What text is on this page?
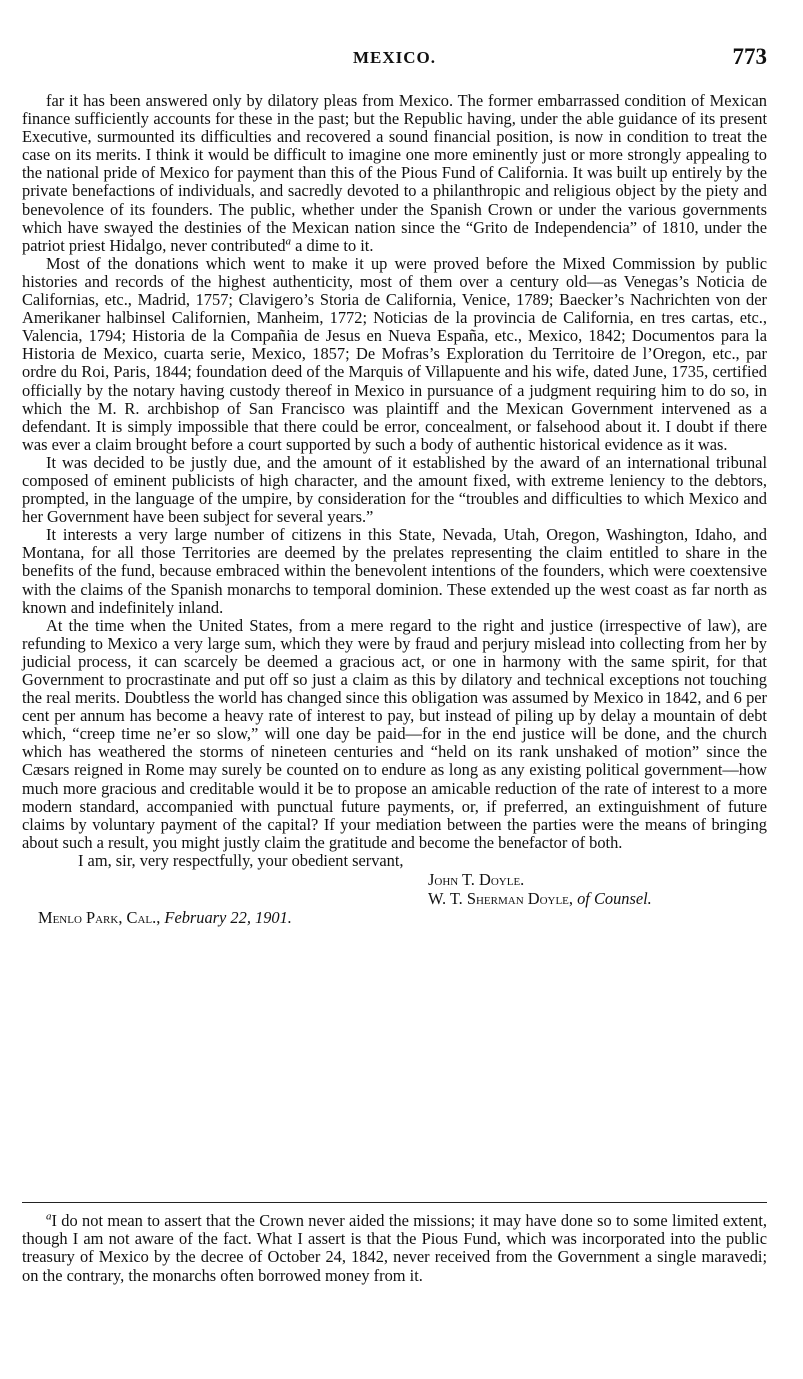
MEXICO.	773

far it has been answered only by dilatory pleas from Mexico. The former embarrassed condition of Mexican finance sufficiently accounts for these in the past; but the Republic having, under the able guidance of its present Executive, surmounted its difficulties and recovered a sound financial position, is now in condition to treat the case on its merits. I think it would be difficult to imagine one more eminently just or more strongly appealing to the national pride of Mexico for payment than this of the Pious Fund of California. It was built up entirely by the private benefactions of individuals, and sacredly devoted to a philanthropic and religious object by the piety and benevolence of its founders. The public, whether under the Spanish Crown or under the various governments which have swayed the destinies of the Mexican nation since the “Grito de Independencia” of 1810, under the patriot priest Hidalgo, never contributed$^a$ a dime to it.

Most of the donations which went to make it up were proved before the Mixed Commission by public histories and records of the highest authenticity, most of them over a century old—as Venegas’s Noticia de Californias, etc., Madrid, 1757; Clavigero’s Storia de California, Venice, 1789; Baecker’s Nachrichten von der Amerikaner halbinsel Californien, Manheim, 1772; Noticias de la provincia de California, en tres cartas, etc., Valencia, 1794; Historia de la Compañia de Jesus en Nueva España, etc., Mexico, 1842; Documentos para la Historia de Mexico, cuarta serie, Mexico, 1857; De Mofras’s Exploration du Territoire de l’Oregon, etc., par ordre du Roi, Paris, 1844; foundation deed of the Marquis of Villapuente and his wife, dated June, 1735, certified officially by the notary having custody thereof in Mexico in pursuance of a judgment requiring him to do so, in which the M. R. archbishop of San Francisco was plaintiff and the Mexican Government intervened as a defendant. It is simply impossible that there could be error, concealment, or falsehood about it. I doubt if there was ever a claim brought before a court supported by such a body of authentic historical evidence as it was.

It was decided to be justly due, and the amount of it established by the award of an international tribunal composed of eminent publicists of high character, and the amount fixed, with extreme leniency to the debtors, prompted, in the language of the umpire, by consideration for the “troubles and difficulties to which Mexico and her Government have been subject for several years.”

It interests a very large number of citizens in this State, Nevada, Utah, Oregon, Washington, Idaho, and Montana, for all those Territories are deemed by the prelates representing the claim entitled to share in the benefits of the fund, because embraced within the benevolent intentions of the founders, which were coextensive with the claims of the Spanish monarchs to temporal dominion. These extended up the west coast as far north as known and indefinitely inland.

At the time when the United States, from a mere regard to the right and justice (irrespective of law), are refunding to Mexico a very large sum, which they were by fraud and perjury mislead into collecting from her by judicial process, it can scarcely be deemed a gracious act, or one in harmony with the same spirit, for that Government to procrastinate and put off so just a claim as this by dilatory and technical exceptions not touching the real merits. Doubtless the world has changed since this obligation was assumed by Mexico in 1842, and 6 per cent per annum has become a heavy rate of interest to pay, but instead of piling up by delay a mountain of debt which, “creep time ne’er so slow,” will one day be paid—for in the end justice will be done, and the church which has weathered the storms of nineteen centuries and “held on its rank unshaked of motion” since the Cæsars reigned in Rome may surely be counted on to endure as long as any existing political government—how much more gracious and creditable would it be to propose an amicable reduction of the rate of interest to a more modern standard, accompanied with punctual future payments, or, if preferred, an extinguishment of future claims by voluntary payment of the capital? If your mediation between the parties were the means of bringing about such a result, you might justly claim the gratitude and become the benefactor of both.

I am, sir, very respectfully, your obedient servant,

John T. Doyle.
W. T. Sherman Doyle, of Counsel.
Menlo Park, Cal., February 22, 1901.

$^a$I do not mean to assert that the Crown never aided the missions; it may have done so to some limited extent, though I am not aware of the fact. What I assert is that the Pious Fund, which was incorporated into the public treasury of Mexico by the decree of October 24, 1842, never received from the Government a single maravedi; on the contrary, the monarchs often borrowed money from it.
